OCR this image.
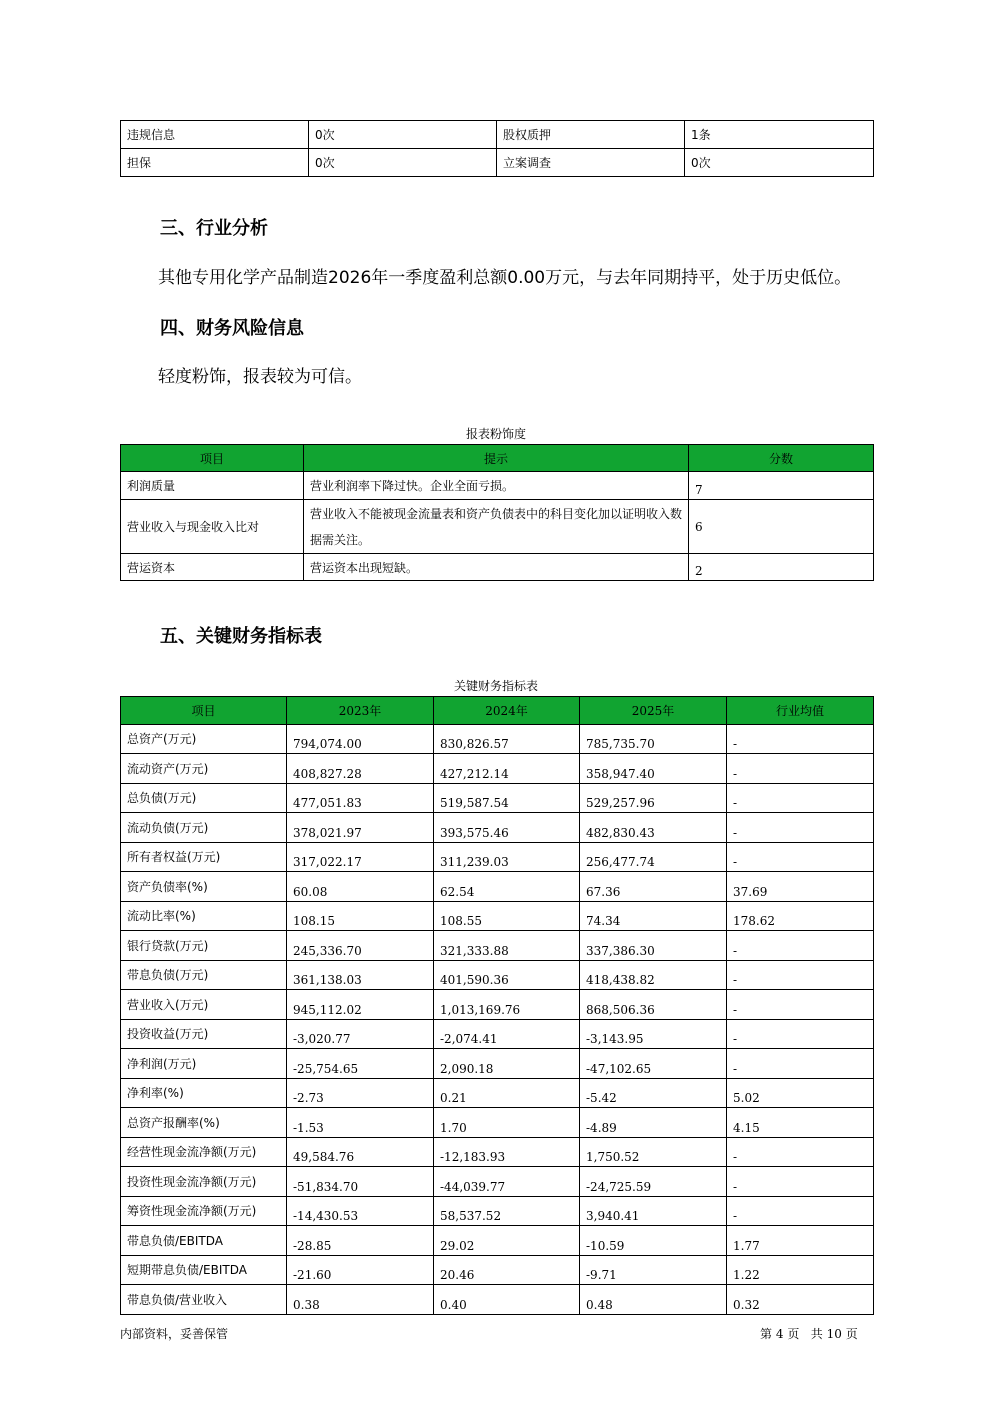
违规信息	0次	股权质押	1条
担保	0次	立案调查	0次
三、行业分析
其他专用化学产品制造2026年一季度盈利总额0.00万元，与去年同期持平，处于历史低位。
四、财务风险信息
轻度粉饰，报表较为可信。
报表粉饰度
项目	提示	分数
利润质量	营业利润率下降过快。企业全面亏损。	7
营业收入与现金收入比对	营业收入不能被现金流量表和资产负债表中的科目变化加以证明收入数据需关注。	6
营运资本	营运资本出现短缺。	2
五、关键财务指标表
关键财务指标表
项目	2023年	2024年	2025年	行业均值
总资产(万元)	794,074.00	830,826.57	785,735.70	-
流动资产(万元)	408,827.28	427,212.14	358,947.40	-
总负债(万元)	477,051.83	519,587.54	529,257.96	-
流动负债(万元)	378,021.97	393,575.46	482,830.43	-
所有者权益(万元)	317,022.17	311,239.03	256,477.74	-
资产负债率(%)	60.08	62.54	67.36	37.69
流动比率(%)	108.15	108.55	74.34	178.62
银行贷款(万元)	245,336.70	321,333.88	337,386.30	-
带息负债(万元)	361,138.03	401,590.36	418,438.82	-
营业收入(万元)	945,112.02	1,013,169.76	868,506.36	-
投资收益(万元)	-3,020.77	-2,074.41	-3,143.95	-
净利润(万元)	-25,754.65	2,090.18	-47,102.65	-
净利率(%)	-2.73	0.21	-5.42	5.02
总资产报酬率(%)	-1.53	1.70	-4.89	4.15
经营性现金流净额(万元)	49,584.76	-12,183.93	1,750.52	-
投资性现金流净额(万元)	-51,834.70	-44,039.77	-24,725.59	-
筹资性现金流净额(万元)	-14,430.53	58,537.52	3,940.41	-
带息负债/EBITDA	-28.85	29.02	-10.59	1.77
短期带息负债/EBITDA	-21.60	20.46	-9.71	1.22
带息负债/营业收入	0.38	0.40	0.48	0.32
内部资料，妥善保管	第 4 页 共 10 页
